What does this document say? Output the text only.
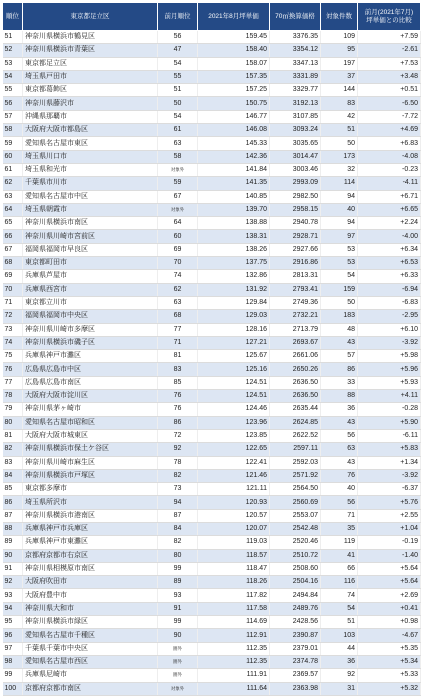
順位	東京都足立区	前月順位	2021年8月坪単価	70㎡換算価格	対象件数	前月(2021年7月)
坪単価との比較
51	神奈川県横浜市鶴見区	56	159.45	3376.35	109	+7.59
52	神奈川県横浜市青葉区	47	158.40	3354.12	95	-2.61
53	東京都足立区	54	158.07	3347.13	197	+7.53
54	埼玉県戸田市	55	157.35	3331.89	37	+3.48
55	東京都葛飾区	51	157.25	3329.77	144	+0.51
56	神奈川県藤沢市	50	150.75	3192.13	83	-6.50
57	沖縄県那覇市	54	146.77	3107.85	42	-7.72
58	大阪府大阪市都島区	61	146.08	3093.24	51	+4.69
59	愛知県名古屋市東区	63	145.33	3035.65	50	+6.83
60	埼玉県川口市	58	142.36	3014.47	173	-4.08
61	埼玉県和光市	対象外	141.84	3003.46	32	-0.23
62	千葉県市川市	59	141.35	2993.09	114	-4.11
63	愛知県名古屋市中区	67	140.85	2982.50	94	+6.71
64	埼玉県朝霞市	対象外	139.70	2958.15	40	+6.65
65	神奈川県横浜市南区	64	138.88	2940.78	94	+2.24
66	神奈川県川崎市宮前区	60	138.31	2928.71	97	-4.00
67	福岡県福岡市早良区	69	138.26	2927.66	53	+6.34
68	東京都町田市	70	137.75	2916.86	53	+6.53
69	兵庫県芦屋市	74	132.86	2813.31	54	+6.33
70	兵庫県西宮市	62	131.92	2793.41	159	-6.94
71	東京都立川市	63	129.84	2749.36	50	-6.83
72	福岡県福岡市中央区	68	129.03	2732.21	183	-2.95
73	神奈川県川崎市多摩区	77	128.16	2713.79	48	+6.10
74	神奈川県横浜市磯子区	71	127.21	2693.67	43	-3.92
75	兵庫県神戸市灘区	81	125.67	2661.06	57	+5.98
76	広島県広島市中区	83	125.16	2650.26	86	+5.96
77	広島県広島市南区	85	124.51	2636.50	33	+5.93
78	大阪府大阪市淀川区	76	124.51	2636.50	88	+4.11
79	神奈川県茅ヶ崎市	76	124.46	2635.44	36	-0.28
80	愛知県名古屋市昭和区	86	123.96	2624.85	43	+5.90
81	大阪府大阪市城東区	72	123.85	2622.52	56	-6.11
82	神奈川県横浜市保土ケ谷区	92	122.65	2597.11	63	+5.83
83	神奈川県川崎市麻生区	78	122.41	2592.03	43	+1.34
84	神奈川県横浜市戸塚区	82	121.46	2571.92	76	-3.92
85	東京都多摩市	73	121.11	2564.50	40	-6.37
86	埼玉県所沢市	94	120.93	2560.69	56	+5.76
87	神奈川県横浜市港南区	87	120.57	2553.07	71	+2.55
88	兵庫県神戸市兵庫区	84	120.07	2542.48	35	+1.04
89	兵庫県神戸市東灘区	82	119.03	2520.46	119	-0.19
90	京都府京都市右京区	80	118.57	2510.72	41	-1.40
91	神奈川県相模原市南区	99	118.47	2508.60	66	+5.64
92	大阪府吹田市	89	118.26	2504.16	116	+5.64
93	大阪府豊中市	93	117.82	2494.84	74	+2.69
94	神奈川県大和市	91	117.58	2489.76	54	+0.41
95	神奈川県横浜市緑区	99	114.69	2428.56	51	+0.98
96	愛知県名古屋市千種区	90	112.91	2390.87	103	-4.67
97	千葉県千葉市中央区	圏外	112.35	2379.01	44	+5.35
98	愛知県名古屋市西区	圏外	112.35	2374.78	36	+5.34
99	兵庫県尼崎市	圏外	111.91	2369.57	92	+5.33
100	京都府京都市南区	対象外	111.64	2363.98	31	+5.32
